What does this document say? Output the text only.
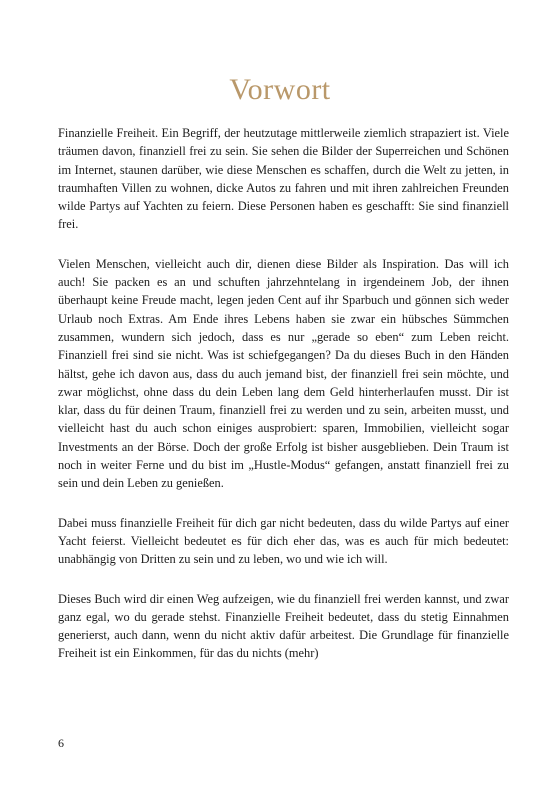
Vorwort

Finanzielle Freiheit. Ein Begriff, der heutzutage mittlerweile ziemlich strapaziert ist. Viele träumen davon, finanziell frei zu sein. Sie sehen die Bilder der Superreichen und Schönen im Internet, staunen darüber, wie diese Menschen es schaffen, durch die Welt zu jetten, in traumhaften Villen zu wohnen, dicke Autos zu fahren und mit ihren zahlreichen Freunden wilde Partys auf Yachten zu feiern. Diese Personen haben es geschafft: Sie sind finanziell frei.

Vielen Menschen, vielleicht auch dir, dienen diese Bilder als Inspiration. Das will ich auch! Sie packen es an und schuften jahrzehntelang in irgendeinem Job, der ihnen überhaupt keine Freude macht, legen jeden Cent auf ihr Sparbuch und gönnen sich weder Urlaub noch Extras. Am Ende ihres Lebens haben sie zwar ein hübsches Sümmchen zusammen, wundern sich jedoch, dass es nur „gerade so eben“ zum Leben reicht. Finanziell frei sind sie nicht. Was ist schiefgegangen? Da du dieses Buch in den Händen hältst, gehe ich davon aus, dass du auch jemand bist, der finanziell frei sein möchte, und zwar möglichst, ohne dass du dein Leben lang dem Geld hinterherlaufen musst. Dir ist klar, dass du für deinen Traum, finanziell frei zu werden und zu sein, arbeiten musst, und vielleicht hast du auch schon einiges ausprobiert: sparen, Immobilien, vielleicht sogar Investments an der Börse. Doch der große Erfolg ist bisher ausgeblieben. Dein Traum ist noch in weiter Ferne und du bist im „Hustle-Modus“ gefangen, anstatt finanziell frei zu sein und dein Leben zu genießen.

Dabei muss finanzielle Freiheit für dich gar nicht bedeuten, dass du wilde Partys auf einer Yacht feierst. Vielleicht bedeutet es für dich eher das, was es auch für mich bedeutet: unabhängig von Dritten zu sein und zu leben, wo und wie ich will.

Dieses Buch wird dir einen Weg aufzeigen, wie du finanziell frei werden kannst, und zwar ganz egal, wo du gerade stehst. Finanzielle Freiheit bedeutet, dass du stetig Einnahmen generierst, auch dann, wenn du nicht aktiv dafür arbeitest. Die Grundlage für finanzielle Freiheit ist ein Einkommen, für das du nichts (mehr)

6
